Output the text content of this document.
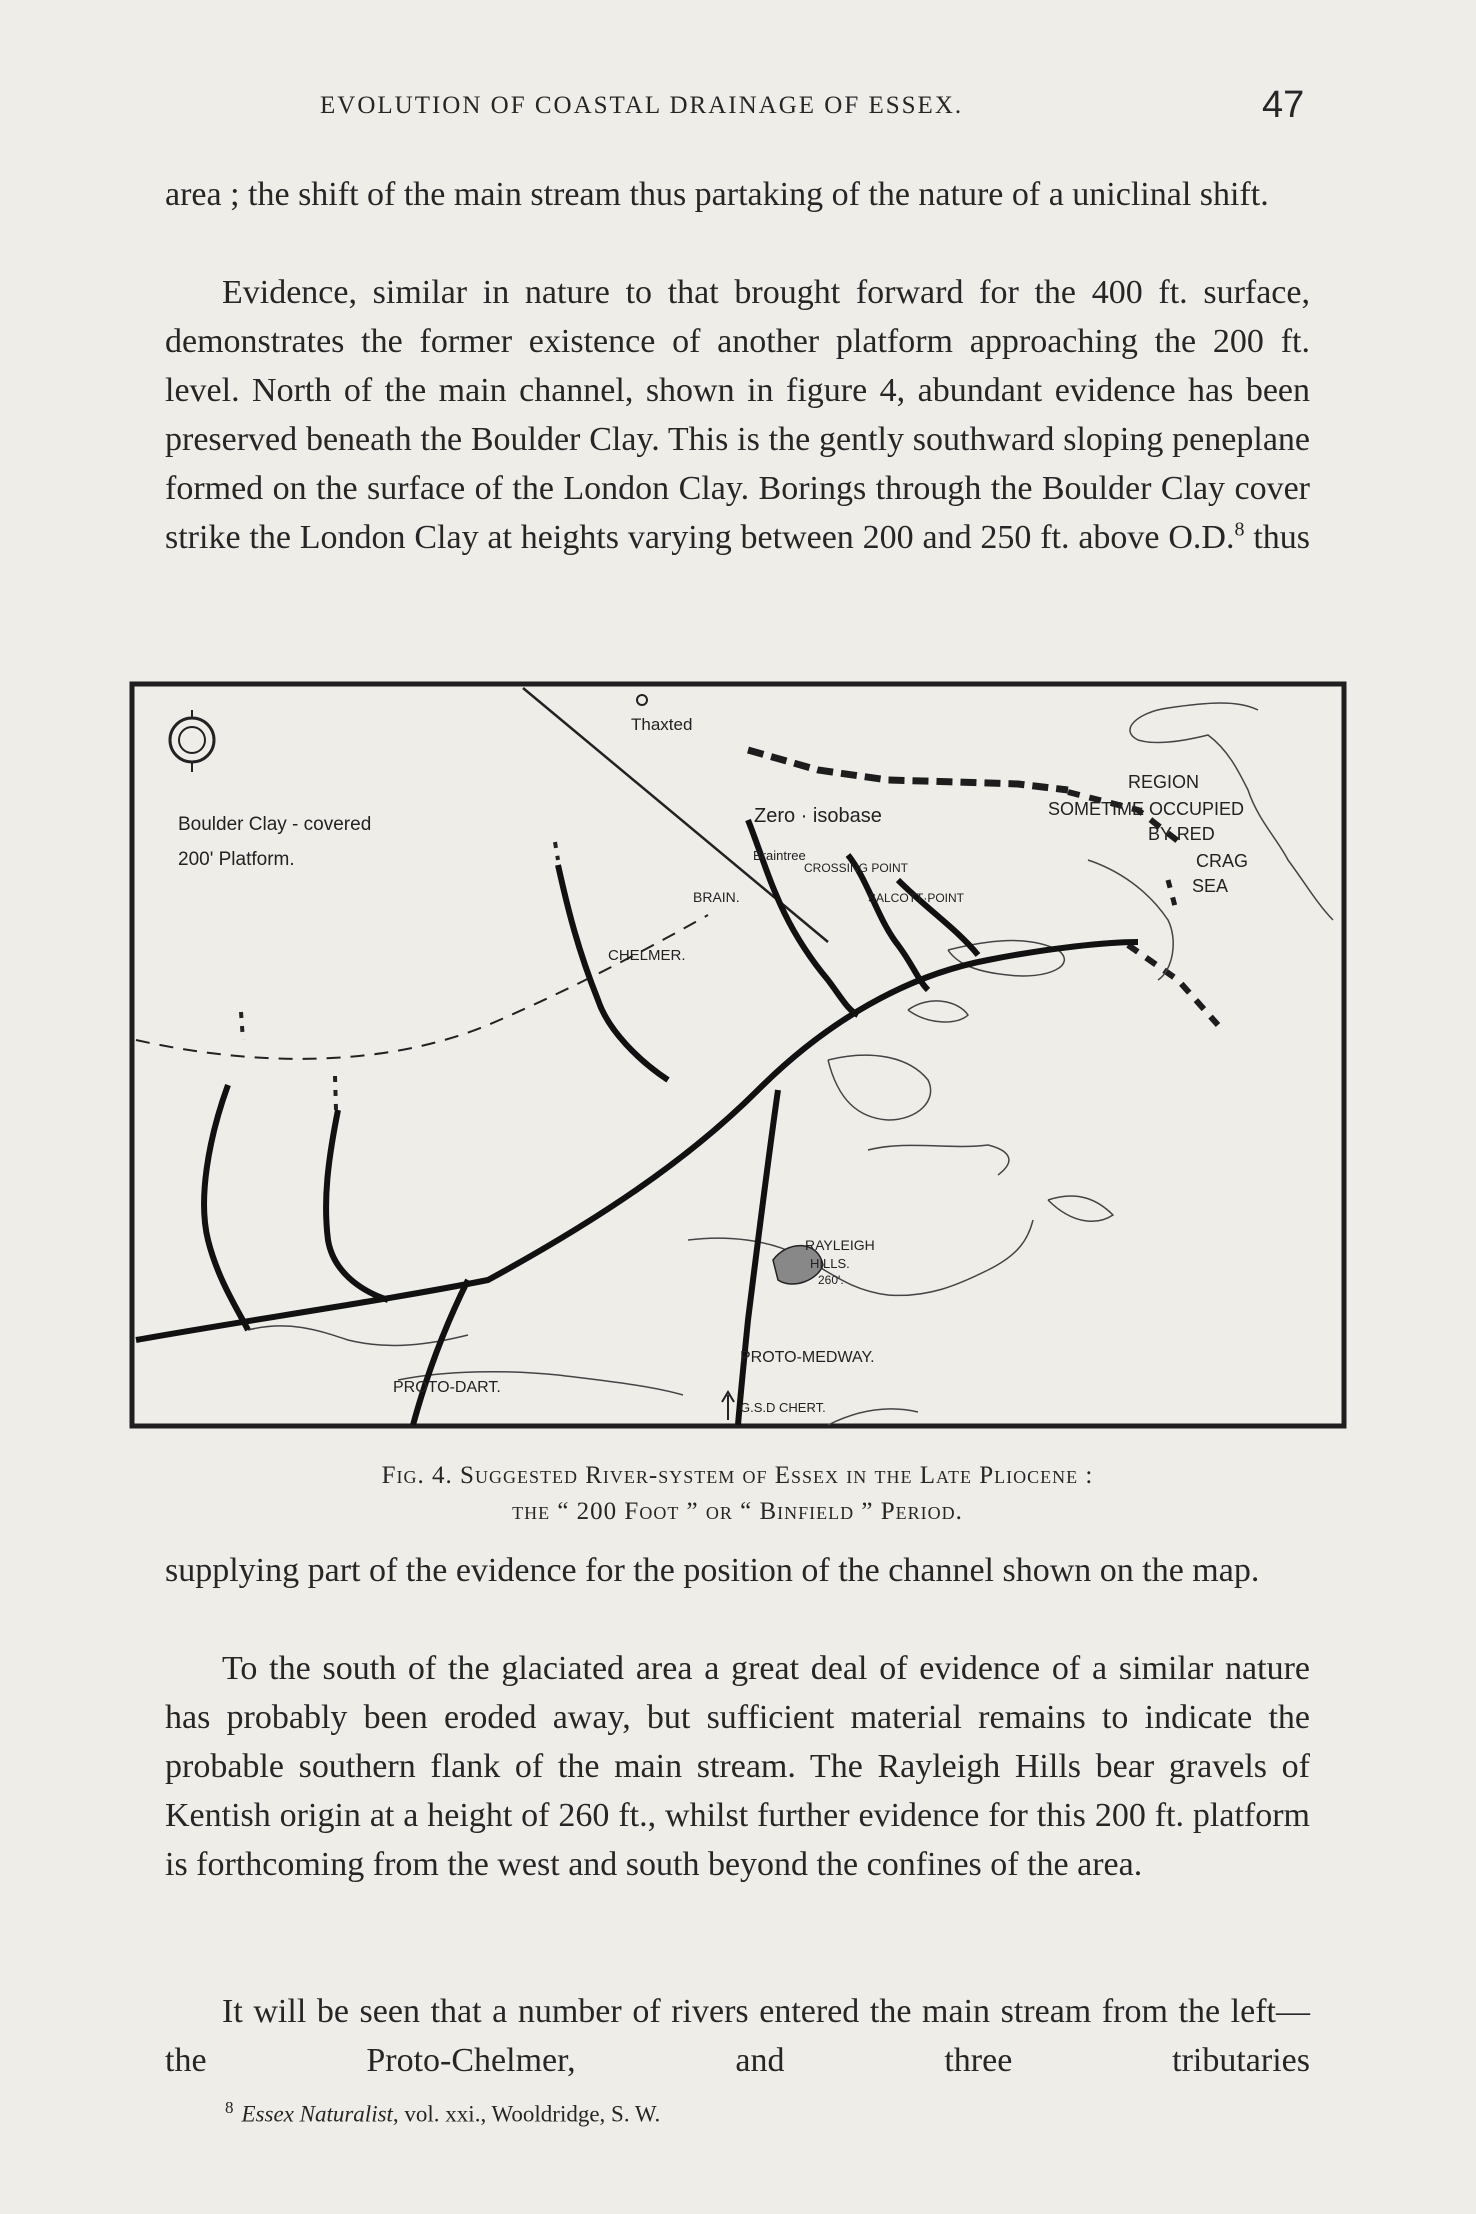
EVOLUTION OF COASTAL DRAINAGE OF ESSEX.	47

area ; the shift of the main stream thus partaking of the nature of a uniclinal shift.

Evidence, similar in nature to that brought forward for the 400 ft. surface, demonstrates the former existence of another platform approaching the 200 ft. level. North of the main channel, shown in figure 4, abundant evidence has been preserved beneath the Boulder Clay. This is the gently southward sloping peneplane formed on the surface of the London Clay. Borings through the Boulder Clay cover strike the London Clay at heights varying between 200 and 250 ft. above O.D.$^8$ thus

Thaxted
Boulder Clay - covered
200' Platform.
Zero · isobase
Braintree
CROSSING POINT
BRAIN.	SALCOTT·POINT
CHELMER.
REGION
SOMETIME OCCUPIED
BY RED
CRAG
SEA
RAYLEIGH
HILLS.
260'.
PROTO-MEDWAY.
PROTO-DART.
G.S.D CHERT.
Fig. 4. Suggested River-system of Essex in the Late Pliocene :
the “ 200 Foot ” or “ Binfield ” Period.

supplying part of the evidence for the position of the channel shown on the map.

To the south of the glaciated area a great deal of evidence of a similar nature has probably been eroded away, but sufficient material remains to indicate the probable southern flank of the main stream. The Rayleigh Hills bear gravels of Kentish origin at a height of 260 ft., whilst further evidence for this 200 ft. platform is forthcoming from the west and south beyond the confines of the area.

It will be seen that a number of rivers entered the main stream from the left—the Proto-Chelmer, and three tributaries

$^8$ Essex Naturalist, vol. xxi., Wooldridge, S. W.
